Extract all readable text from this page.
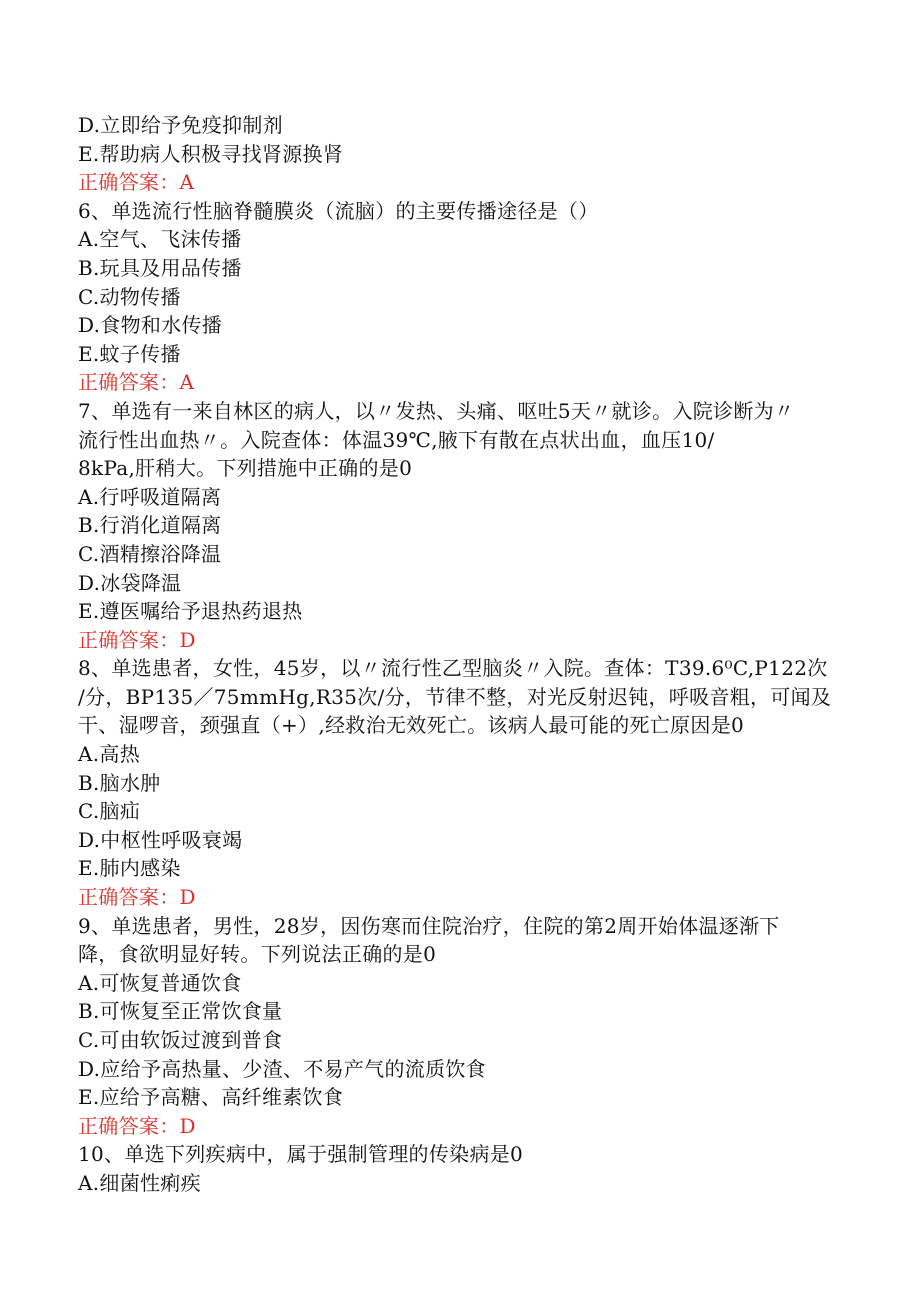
D.立即给予免疫抑制剂
E.帮助病人积极寻找肾源换肾
正确答案：A
6、单选流行性脑脊髓膜炎（流脑）的主要传播途径是（）
A.空气、飞沫传播
B.玩具及用品传播
C.动物传播
D.食物和水传播
E.蚊子传播
正确答案：A
7、单选有一来自林区的病人，以〃发热、头痛、呕吐5天〃就诊。入院诊断为〃
流行性出血热〃。入院查体：体温39℃,腋下有散在点状出血，血压10/
8kPa,肝稍大。下列措施中正确的是0
A.行呼吸道隔离
B.行消化道隔离
C.酒精擦浴降温
D.冰袋降温
E.遵医嘱给予退热药退热
正确答案：D
8、单选患者，女性，45岁，以〃流行性乙型脑炎〃入院。查体：T39.6⁰C,P122次
/分，BP135／75mmHg,R35次/分，节律不整，对光反射迟钝，呼吸音粗，可闻及
干、湿啰音，颈强直（+）,经救治无效死亡。该病人最可能的死亡原因是0
A.高热
B.脑水肿
C.脑疝
D.中枢性呼吸衰竭
E.肺内感染
正确答案：D
9、单选患者，男性，28岁，因伤寒而住院治疗，住院的第2周开始体温逐渐下
降，食欲明显好转。下列说法正确的是0
A.可恢复普通饮食
B.可恢复至正常饮食量
C.可由软饭过渡到普食
D.应给予高热量、少渣、不易产气的流质饮食
E.应给予高糖、高纤维素饮食
正确答案：D
10、单选下列疾病中，属于强制管理的传染病是0
A.细菌性痢疾
